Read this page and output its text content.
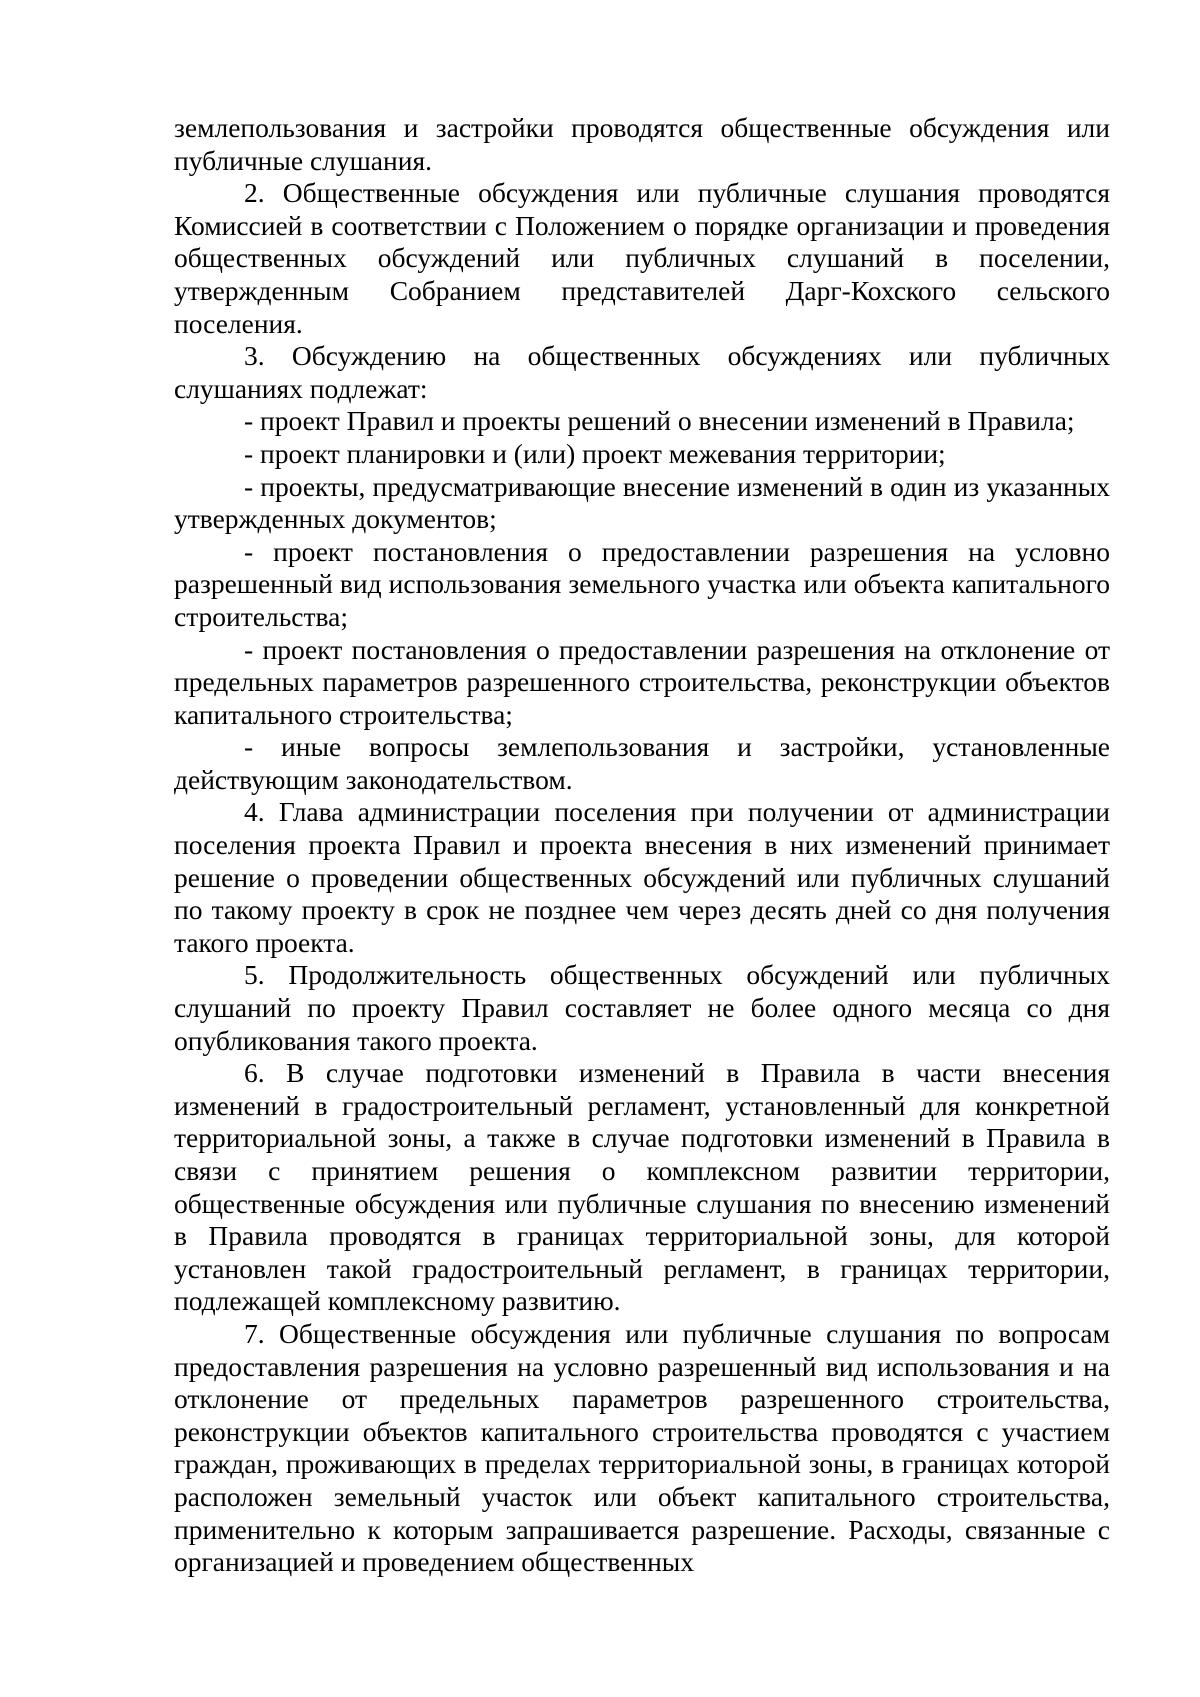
землепользования и застройки проводятся общественные обсуждения или публичные слушания.

2. Общественные обсуждения или публичные слушания проводятся Комиссией в соответствии с Положением о порядке организации и проведения общественных обсуждений или публичных слушаний в поселении, утвержденным Собранием представителей Дарг-Кохского сельского поселения.

3. Обсуждению на общественных обсуждениях или публичных слушаниях подлежат:

- проект Правил и проекты решений о внесении изменений в Правила;

- проект планировки и (или) проект межевания территории;

- проекты, предусматривающие внесение изменений в один из указанных утвержденных документов;

- проект постановления о предоставлении разрешения на условно разрешенный вид использования земельного участка или объекта капитального строительства;

- проект постановления о предоставлении разрешения на отклонение от предельных параметров разрешенного строительства, реконструкции объектов капитального строительства;

- иные вопросы землепользования и застройки, установленные действующим законодательством.

4. Глава администрации поселения при получении от администрации поселения проекта Правил и проекта внесения в них изменений принимает решение о проведении общественных обсуждений или публичных слушаний по такому проекту в срок не позднее чем через десять дней со дня получения такого проекта.

5. Продолжительность общественных обсуждений или публичных слушаний по проекту Правил составляет не более одного месяца со дня опубликования такого проекта.

6. В случае подготовки изменений в Правила в части внесения изменений в градостроительный регламент, установленный для конкретной территориальной зоны, а также в случае подготовки изменений в Правила в связи с принятием решения о комплексном развитии территории, общественные обсуждения или публичные слушания по внесению изменений в Правила проводятся в границах территориальной зоны, для которой установлен такой градостроительный регламент, в границах территории, подлежащей комплексному развитию.

7. Общественные обсуждения или публичные слушания по вопросам предоставления разрешения на условно разрешенный вид использования и на отклонение от предельных параметров разрешенного строительства, реконструкции объектов капитального строительства проводятся с участием граждан, проживающих в пределах территориальной зоны, в границах которой расположен земельный участок или объект капитального строительства, применительно к которым запрашивается разрешение. Расходы, связанные с организацией и проведением общественных
